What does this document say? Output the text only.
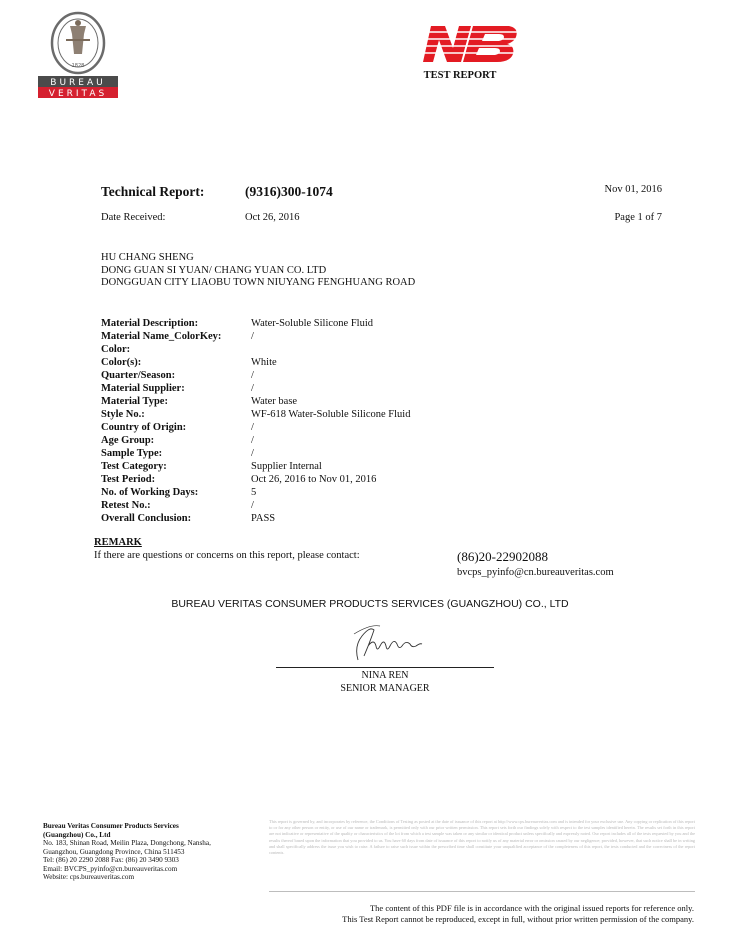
1828
BUREAU
VERITAS
TEST REPORT
Technical Report:	(9316)300-1074	Nov 01, 2016
Date Received:	Oct 26, 2016	Page 1 of 7
HU CHANG SHENG
DONG GUAN SI YUAN/ CHANG YUAN CO. LTD
DONGGUAN CITY LIAOBU TOWN NIUYANG FENGHUANG ROAD
Material Description:	Water-Soluble Silicone Fluid
Material Name_ColorKey:	/
Color:
Color(s):	White
Quarter/Season:	/
Material Supplier:	/
Material Type:	Water base
Style No.:	WF-618 Water-Soluble Silicone Fluid
Country of Origin:	/
Age Group:	/
Sample Type:	/
Test Category:	Supplier Internal
Test Period:	Oct 26, 2016 to Nov 01, 2016
No. of Working Days:	5
Retest No.:	/
Overall Conclusion:	PASS
REMARK
If there are questions or concerns on this report, please contact:	(86)20-22902088
bvcps_pyinfo@cn.bureauveritas.com
BUREAU VERITAS CONSUMER PRODUCTS SERVICES (GUANGZHOU) CO., LTD
NINA REN
SENIOR MANAGER
Bureau Veritas Consumer Products Services
(Guangzhou) Co., Ltd
No. 183, Shinan Road, Meilin Plaza, Dongchong, Nansha,
Guangzhou, Guangdong Province, China 511453
Tel: (86) 20 2290 2088 Fax: (86) 20 3490 9303
Email: BVCPS_pyinfo@cn.bureauveritas.com
Website: cps.bureauveritas.com
This report is governed by, and incorporates by reference, the Conditions of Testing as posted at the date of issuance of this report at http://www.cps.bureauveritas.com and is intended for your exclusive use. Any copying or replication of this report to or for any other person or entity, or use of our name or trademark, is permitted only with our prior written permission. This report sets forth our findings solely with respect to the test samples identified herein. The results set forth in this report are not indicative or representative of the quality or characteristics of the lot from which a test sample was taken or any similar or identical product unless specifically and expressly noted. Our report includes all of the tests requested by you and the results thereof based upon the information that you provided to us. You have 60 days from date of issuance of this report to notify us of any material error or omission caused by our negligence; provided, however, that such notice shall be in writing and shall specifically address the issue you wish to raise. A failure to raise such issue within the prescribed time shall constitute your unqualified acceptance of the completeness of this report, the tests conducted and the correctness of the report contents.
The content of this PDF file is in accordance with the original issued reports for reference only.
This Test Report cannot be reproduced, except in full, without prior written permission of the company.
